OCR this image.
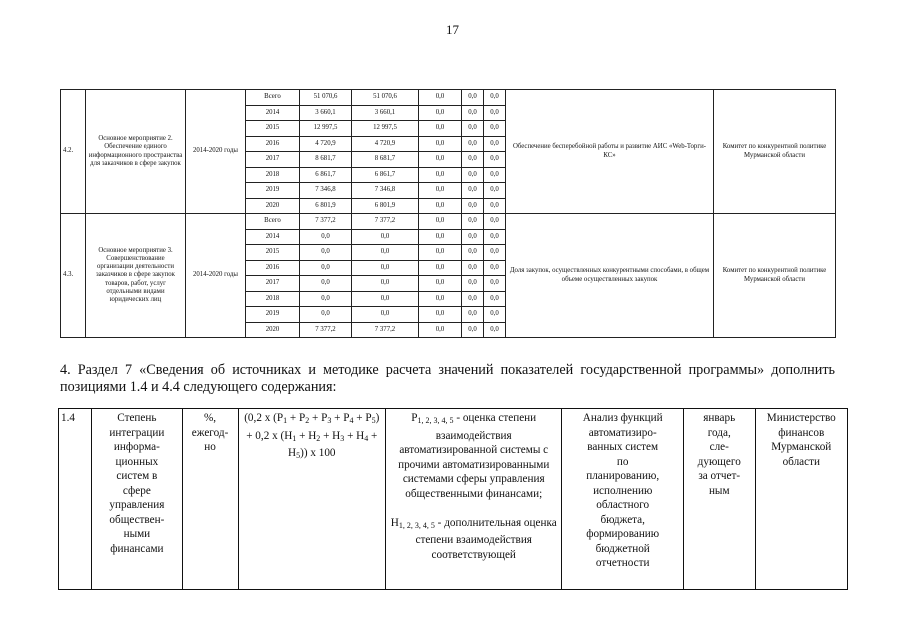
17
4.2.	Основное мероприятие 2. Обеспечение единого информационного пространства для заказчиков в сфере закупок	2014-2020 годы	Всего	51 070,6	51 070,6	0,0	0,0	0,0	Обеспечение бесперебойной работы и развитие АИС «Web-Торги-КС»	Комитет по конкурентной политике Мурманской области
			2014	3 660,1	3 660,1	0,0	0,0	0,0		
			2015	12 997,5	12 997,5	0,0	0,0	0,0		
			2016	4 720,9	4 720,9	0,0	0,0	0,0		
			2017	8 681,7	8 681,7	0,0	0,0	0,0		
			2018	6 861,7	6 861,7	0,0	0,0	0,0		
			2019	7 346,8	7 346,8	0,0	0,0	0,0		
			2020	6 801,9	6 801,9	0,0	0,0	0,0		
4.3.	Основное мероприятие 3. Совершенствование организации деятельности заказчиков в сфере закупок товаров, работ, услуг отдельными видами юридических лиц	2014-2020 годы	Всего	7 377,2	7 377,2	0,0	0,0	0,0	Доля закупок, осуществленных конкурентными способами, в общем объеме осуществленных закупок	Комитет по конкурентной политике Мурманской области
			2014	0,0	0,0	0,0	0,0	0,0		
			2015	0,0	0,0	0,0	0,0	0,0		
			2016	0,0	0,0	0,0	0,0	0,0		
			2017	0,0	0,0	0,0	0,0	0,0		
			2018	0,0	0,0	0,0	0,0	0,0		
			2019	0,0	0,0	0,0	0,0	0,0		
			2020	7 377,2	7 377,2	0,0	0,0	0,0		
4. Раздел 7 «Сведения об источниках и методике расчета значений показателей государственной программы» дополнить позициями 1.4 и 4.4 следующего содержания:
1.4	Степень
интеграции
информа-
ционных
систем в
сфере
управления
обществен-
ными
финансами	%,
ежегод-
но	(0,2 x $(P_1 + P_2 + P_3 + P_4 + P_5) + 0,2$ x $(H_1 + H_2 + H_3 + H_4 + H_5)$) x 100	$P_{1, 2, 3, 4, 5}$ - оценка степени взаимодействия автоматизированной системы с прочими автоматизированными системами сферы управления общественными финансами;

$H_{1, 2, 3, 4, 5}$ - дополнительная оценка степени взаимодействия соответствующей	Анализ функций
автоматизиро-
ванных систем
по
планированию,
исполнению
областного
бюджета,
формированию
бюджетной
отчетности	январь
года,
сле-
дующего
за отчет-
ным	Министерство
финансов
Мурманской
области
